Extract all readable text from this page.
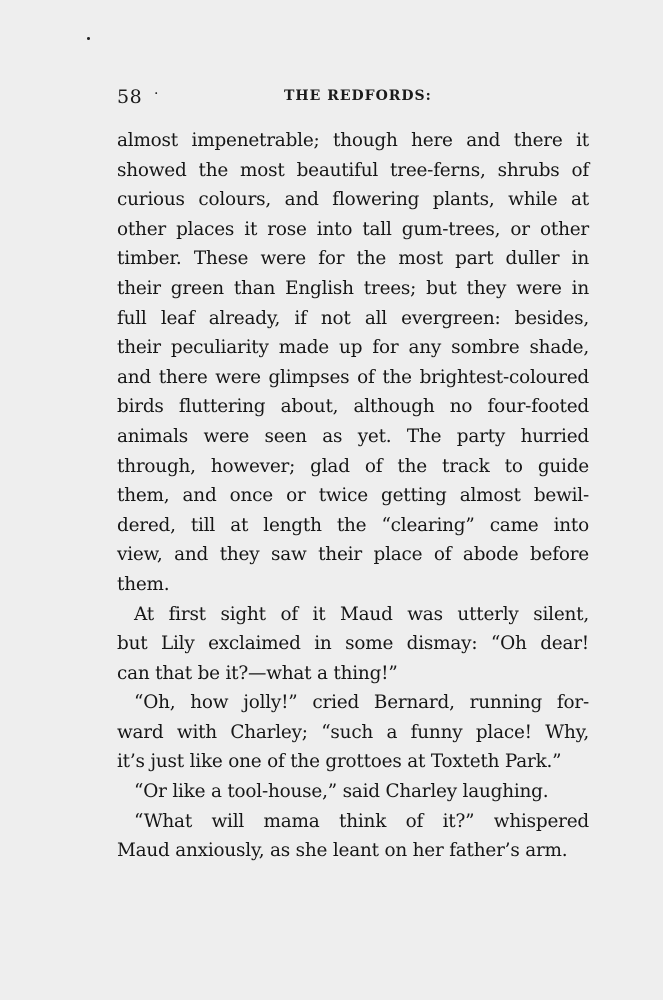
58 ·	THE REDFORDS:
almost impenetrable; though here and there it
showed the most beautiful tree-ferns, shrubs of
curious colours, and flowering plants, while at
other places it rose into tall gum-trees, or other
timber. These were for the most part duller in
their green than English trees; but they were in
full leaf already, if not all evergreen: besides,
their peculiarity made up for any sombre shade,
and there were glimpses of the brightest-coloured
birds fluttering about, although no four-footed
animals were seen as yet. The party hurried
through, however; glad of the track to guide
them, and once or twice getting almost bewil-
dered, till at length the “clearing” came into
view, and they saw their place of abode before
them.
At first sight of it Maud was utterly silent,
but Lily exclaimed in some dismay: “Oh dear!
can that be it?—what a thing!”
“Oh, how jolly!” cried Bernard, running for-
ward with Charley; “such a funny place! Why,
it’s just like one of the grottoes at Toxteth Park.”
“Or like a tool-house,” said Charley laughing.
“What will mama think of it?” whispered
Maud anxiously, as she leant on her father’s arm.
